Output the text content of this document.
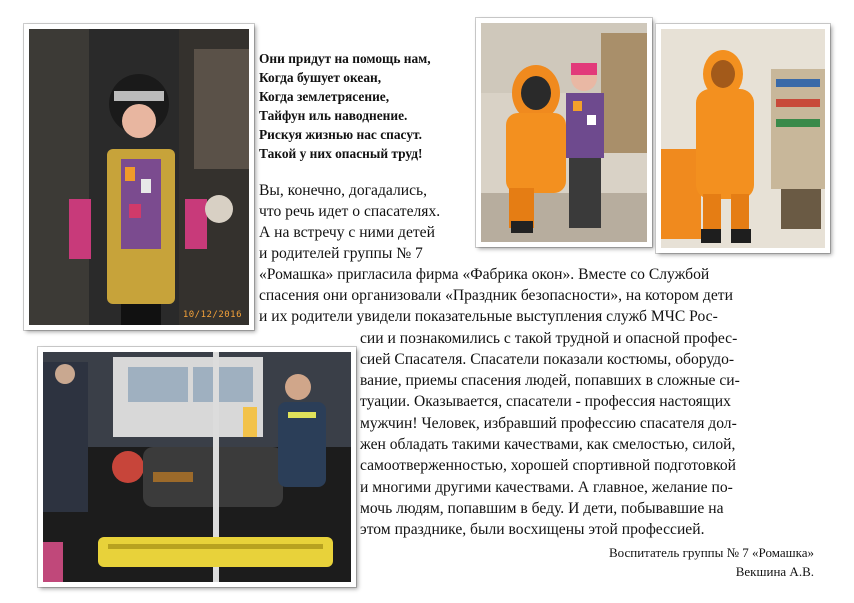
10/12/2016
Они придут на помощь нам,
Когда бушует океан,
Когда землетрясение,
Тайфун иль наводнение.
Рискуя жизнью нас спасут.
Такой у них опасный труд!
Вы, конечно, догадались,
что речь идет о спасателях.
А на встречу с ними детей
и родителей группы № 7
«Ромашка» пригласила фирма «Фабрика окон». Вместе со Службой
спасения они организовали «Праздник безопасности», на котором дети
и их родители увидели показательные выступления служб МЧС Рос-
сии и познакомились с такой трудной и опасной профес-
сией Спасателя. Спасатели показали костюмы, оборудо-
вание, приемы спасения людей, попавших в сложные си-
туации. Оказывается, спасатели - профессия настоящих
мужчин! Человек, избравший профессию спасателя дол-
жен обладать такими качествами, как смелостью, силой,
самоотверженностью, хорошей спортивной подготовкой
и многими другими качествами. А главное, желание по-
мочь людям, попавшим в беду. И дети, побывавшие на
этом празднике, были восхищены этой профессией.
Воспитатель группы № 7 «Ромашка»
Векшина А.В.
